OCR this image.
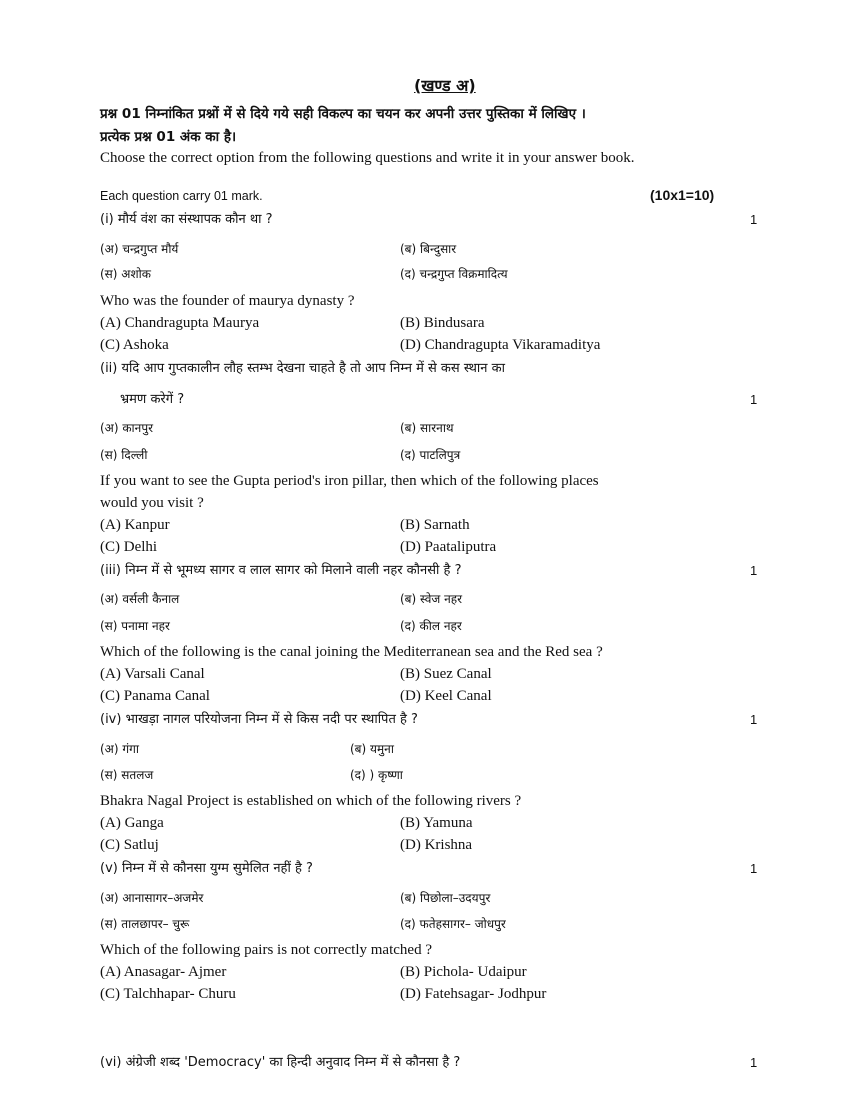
(खण्ड अ)
प्रश्न 01 निम्नांकित प्रश्नों में से दिये गये सही विकल्प का चयन कर अपनी उत्तर पुस्तिका में लिखिए ।
प्रत्येक प्रश्न 01 अंक का है।
Choose the correct option from the following questions and write it in your answer book.
Each question carry 01 mark.	(10x1=10)
(i) मौर्य वंश का संस्थापक कौन था ?	1
(अ) चन्द्रगुप्त मौर्य	(ब) बिन्दुसार
(स) अशोक	(द) चन्द्रगुप्त विक्रमादित्य
Who was the founder of maurya dynasty ?
(A) Chandragupta Maurya	(B) Bindusara
(C) Ashoka	(D) Chandragupta Vikaramaditya
(ii) यदि आप गुप्तकालीन लौह स्तम्भ देखना चाहते है तो आप निम्न में से कस स्थान का
भ्रमण करेगें ?	1
(अ) कानपुर	(ब) सारनाथ
(स) दिल्ली	(द) पाटलिपुत्र
If you want to see the Gupta period's iron pillar, then which of the following places
would you visit ?
(A) Kanpur	(B) Sarnath
(C) Delhi	(D) Paataliputra
(iii) निम्न में से भूमध्य सागर व लाल सागर को मिलाने वाली नहर कौनसी है ?	1
(अ) वर्सली कैनाल	(ब) स्वेज नहर
(स) पनामा नहर	(द) कील नहर
Which of the following is the canal joining the Mediterranean sea and the Red sea ?
(A) Varsali Canal	(B) Suez Canal
(C) Panama Canal	(D) Keel Canal
(iv) भाखड़ा नागल परियोजना निम्न में से किस नदी पर स्थापित है ?	1
(अ) गंगा	(ब) यमुना
(स) सतलज	(द) ) कृष्णा
Bhakra Nagal Project is established on which of the following rivers ?
(A) Ganga	(B) Yamuna
(C) Satluj	(D) Krishna
(v) निम्न में से कौनसा युग्म सुमेलित नहीं है ?	1
(अ) आनासागर–अजमेर	(ब) पिछोला–उदयपुर
(स) तालछापर– चुरू	(द) फतेहसागर– जोधपुर
Which of the following pairs is not correctly matched ?
(A) Anasagar- Ajmer	(B) Pichola- Udaipur
(C) Talchhapar- Churu	(D) Fatehsagar- Jodhpur
(vi) अंग्रेजी शब्द 'Democracy' का हिन्दी अनुवाद निम्न में से कौनसा है ?	1
